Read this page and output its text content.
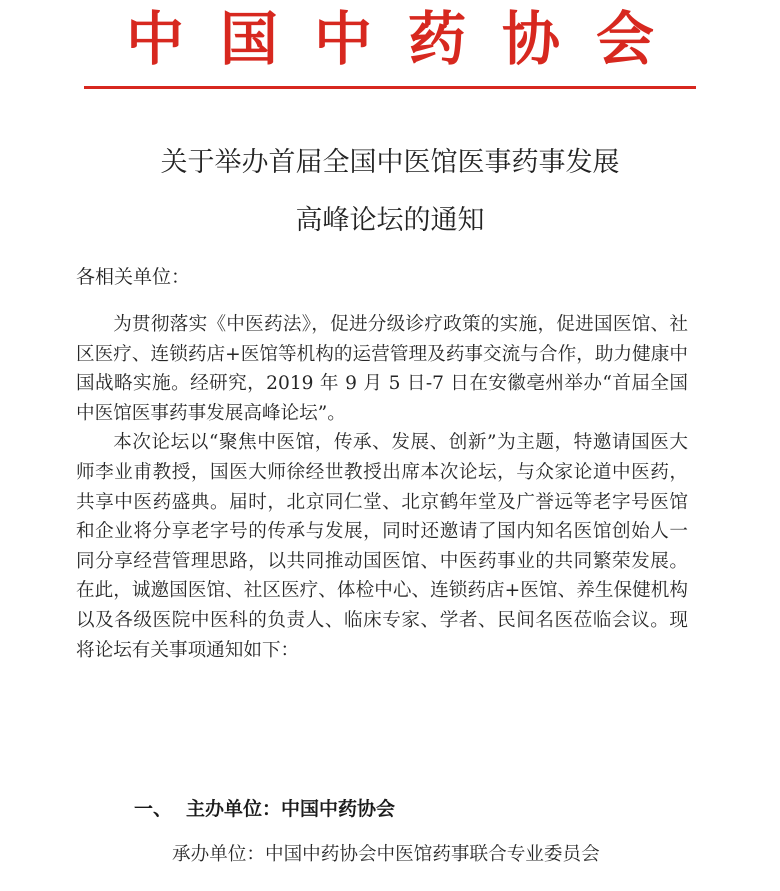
中国中药协会
关于举办首届全国中医馆医事药事发展
高峰论坛的通知
各相关单位：

为贯彻落实《中医药法》，促进分级诊疗政策的实施，促进国医馆、社区医疗、连锁药店+医馆等机构的运营管理及药事交流与合作，助力健康中国战略实施。经研究，2019 年 9 月 5 日-7 日在安徽亳州举办“首届全国中医馆医事药事发展高峰论坛”。

本次论坛以“聚焦中医馆，传承、发展、创新”为主题，特邀请国医大师李业甫教授，国医大师徐经世教授出席本次论坛，与众家论道中医药，共享中医药盛典。届时，北京同仁堂、北京鹤年堂及广誉远等老字号医馆和企业将分享老字号的传承与发展，同时还邀请了国内知名医馆创始人一同分享经营管理思路，以共同推动国医馆、中医药事业的共同繁荣发展。在此，诚邀国医馆、社区医疗、体检中心、连锁药店+医馆、养生保健机构以及各级医院中医科的负责人、临床专家、学者、民间名医莅临会议。现将论坛有关事项通知如下：

一、 主办单位：中国中药协会
承办单位：中国中药协会中医馆药事联合专业委员会
